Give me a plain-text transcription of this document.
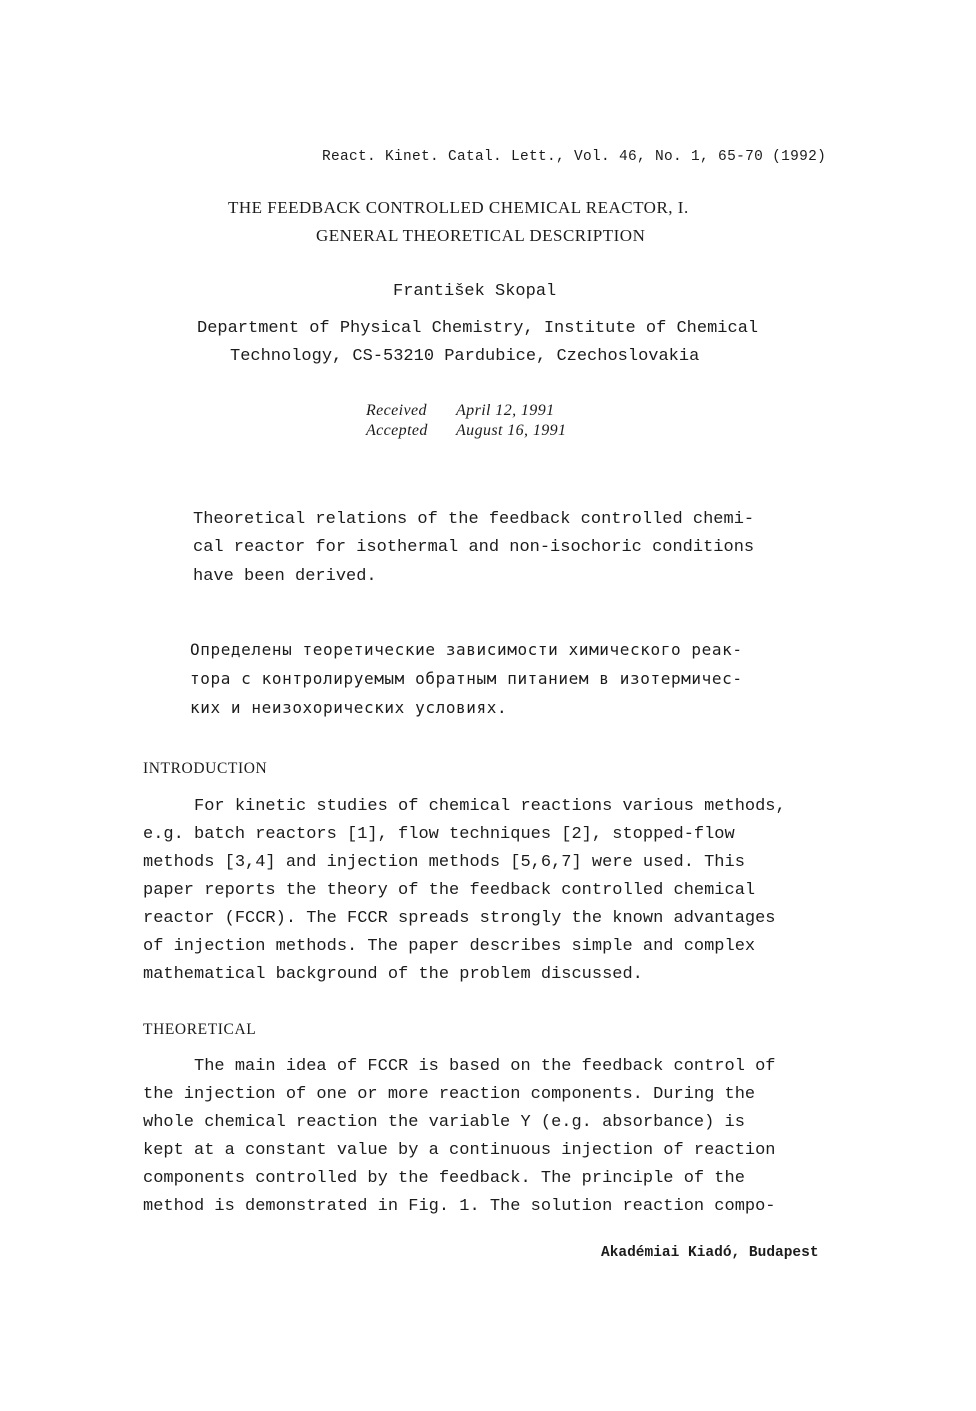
React. Kinet. Catal. Lett., Vol. 46, No. 1, 65-70 (1992)
THE FEEDBACK CONTROLLED CHEMICAL REACTOR, I.
GENERAL THEORETICAL DESCRIPTION
František Skopal
Department of Physical Chemistry, Institute of Chemical
Technology, CS-53210 Pardubice, Czechoslovakia
Received April 12, 1991
Accepted August 16, 1991
Theoretical relations of the feedback controlled chemi-
cal reactor for isothermal and non-isochoric conditions
have been derived.
Определены теоретические зависимости химического реак-
тора с контролируемым обратным питанием в изотермичес-
ких и неизохорических условиях.
INTRODUCTION
For kinetic studies of chemical reactions various methods,
e.g. batch reactors [1], flow techniques [2], stopped-flow
methods [3,4] and injection methods [5,6,7] were used. This
paper reports the theory of the feedback controlled chemical
reactor (FCCR). The FCCR spreads strongly the known advantages
of injection methods. The paper describes simple and complex
mathematical background of the problem discussed.
THEORETICAL
The main idea of FCCR is based on the feedback control of
the injection of one or more reaction components. During the
whole chemical reaction the variable Y (e.g. absorbance) is
kept at a constant value by a continuous injection of reaction
components controlled by the feedback. The principle of the
method is demonstrated in Fig. 1. The solution reaction compo-
Akadémiai Kiadó, Budapest
